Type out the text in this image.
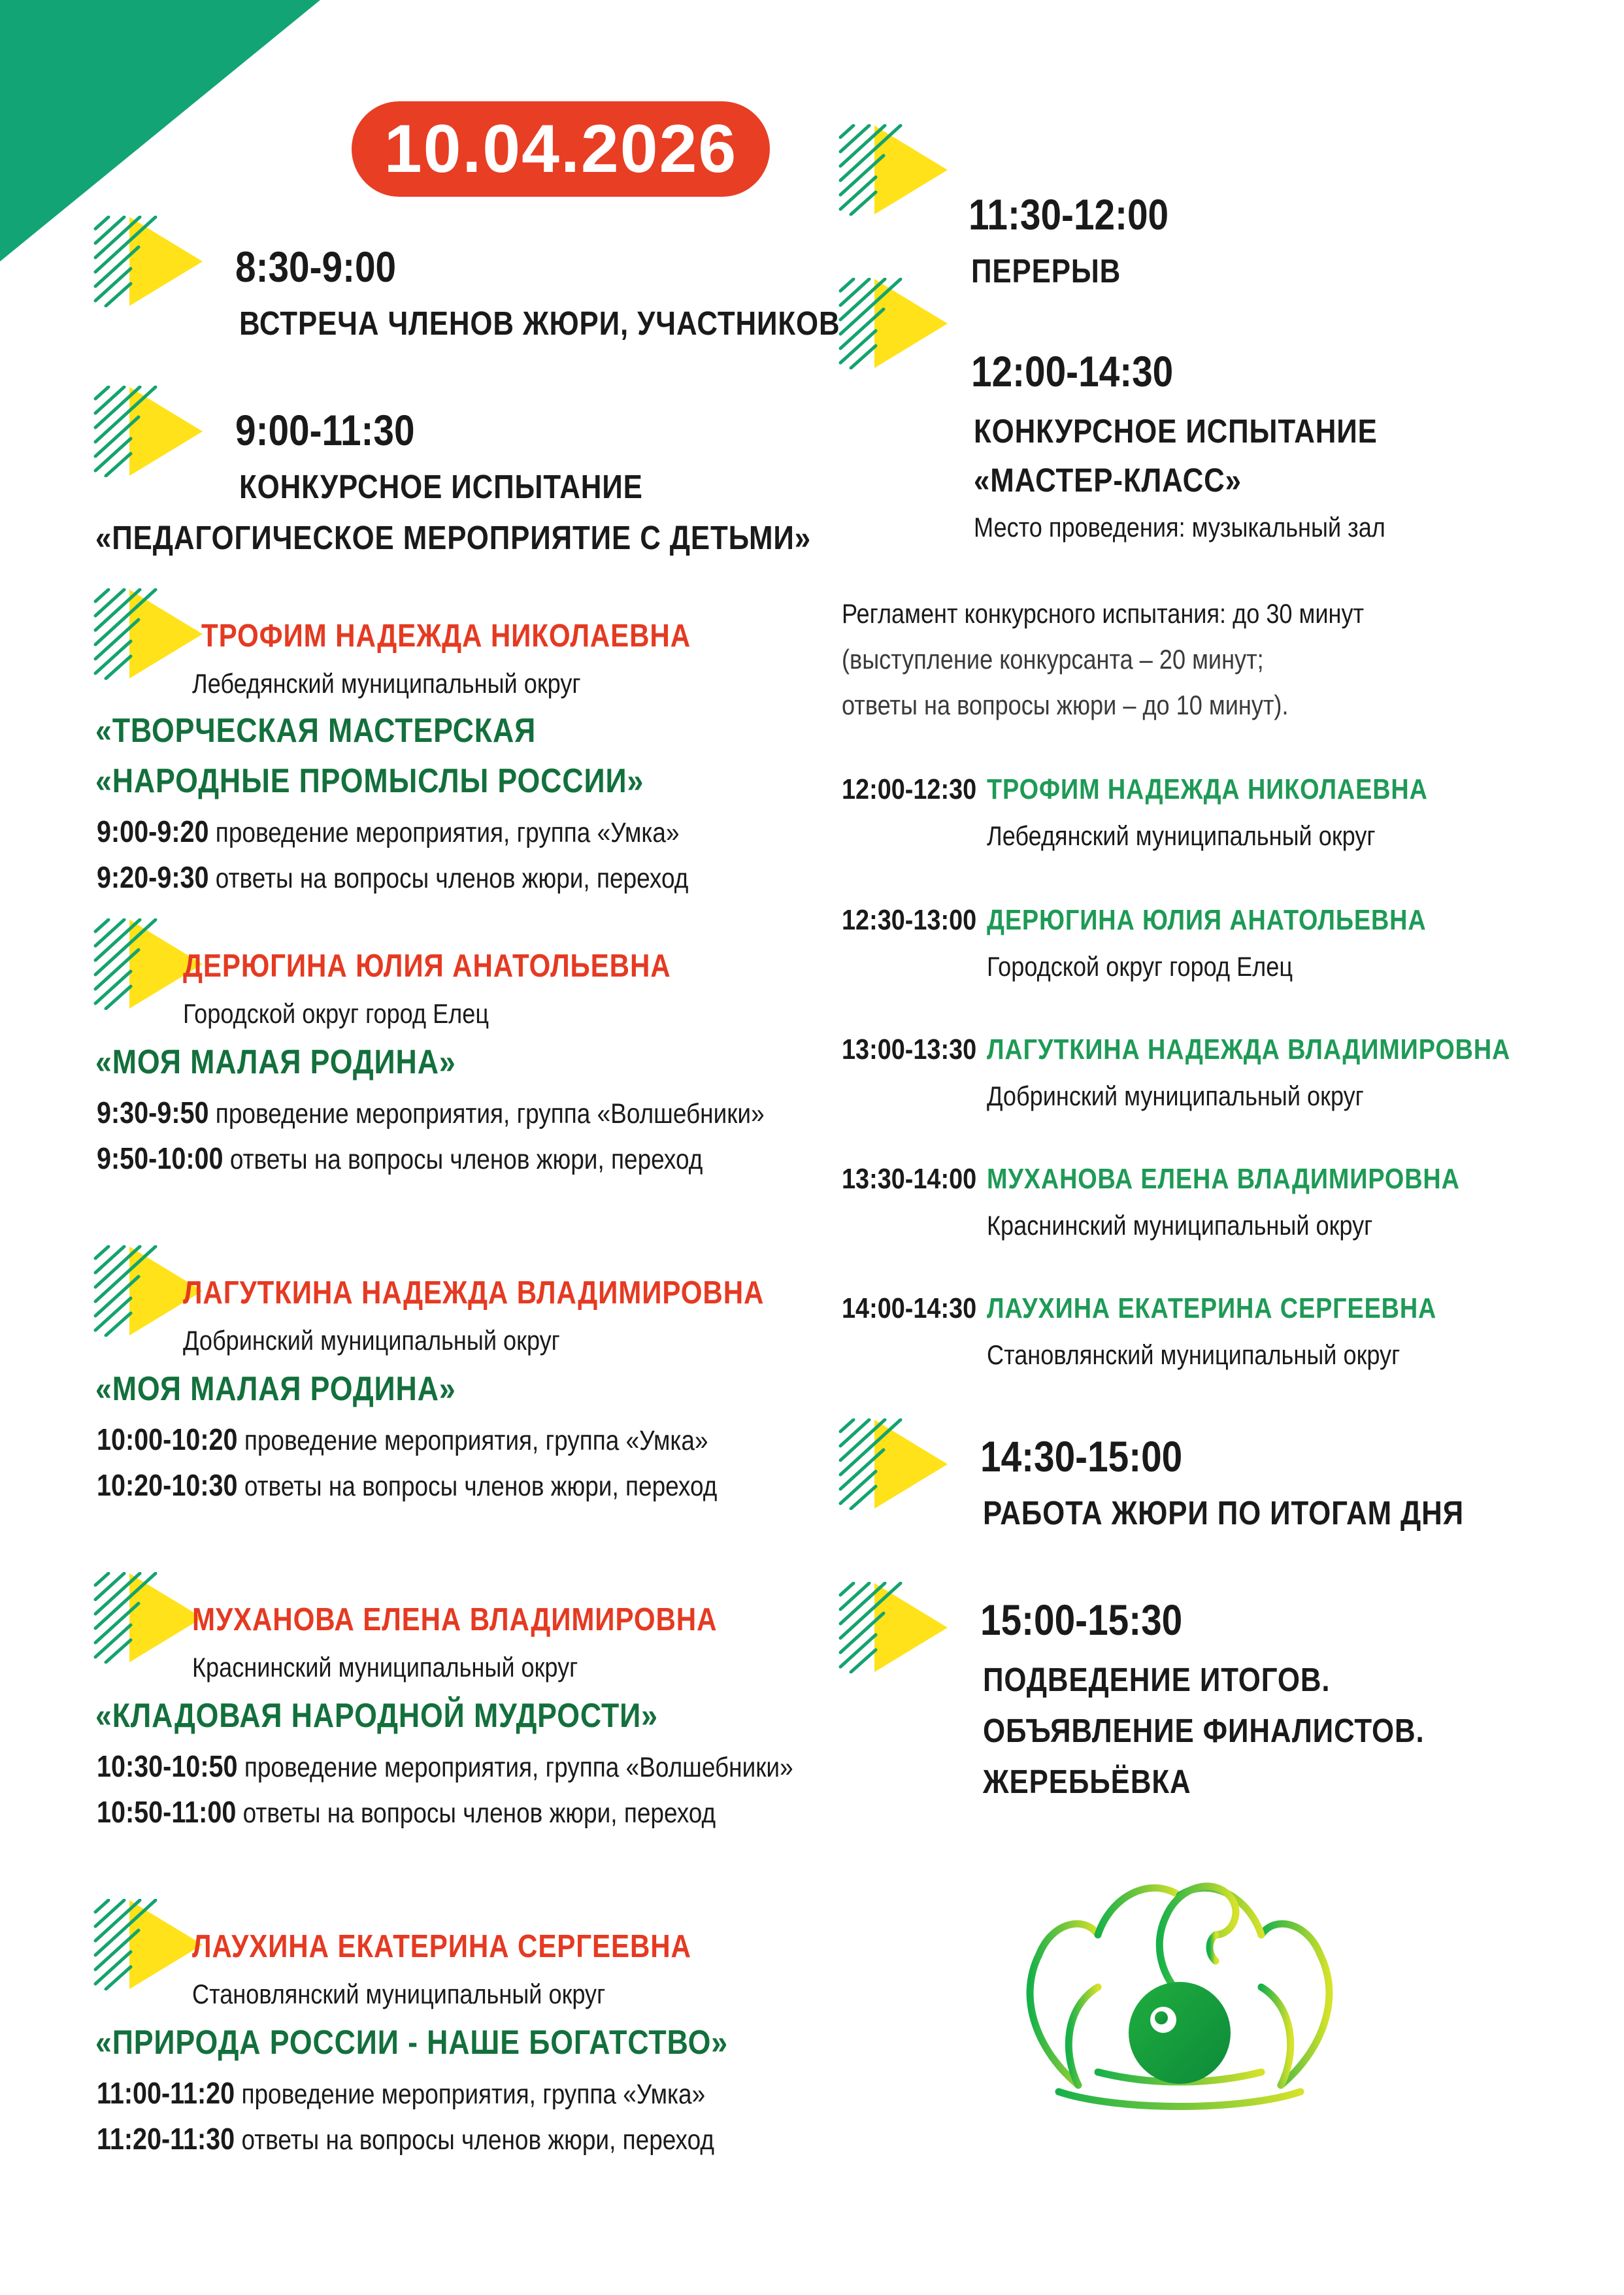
10.04.2026
8:30-9:00
ВСТРЕЧА ЧЛЕНОВ ЖЮРИ, УЧАСТНИКОВ
9:00-11:30
КОНКУРСНОЕ ИСПЫТАНИЕ
«ПЕДАГОГИЧЕСКОЕ МЕРОПРИЯТИЕ С ДЕТЬМИ»
ТРОФИМ НАДЕЖДА НИКОЛАЕВНА
Лебедянский муниципальный округ
«ТВОРЧЕСКАЯ МАСТЕРСКАЯ
«НАРОДНЫЕ ПРОМЫСЛЫ РОССИИ»
9:00-9:20 проведение мероприятия, группа «Умка»
9:20-9:30 ответы на вопросы членов жюри, переход
ДЕРЮГИНА ЮЛИЯ АНАТОЛЬЕВНА
Городской округ город Елец
«МОЯ МАЛАЯ РОДИНА»
9:30-9:50 проведение мероприятия, группа «Волшебники»
9:50-10:00 ответы на вопросы членов жюри, переход
ЛАГУТКИНА НАДЕЖДА ВЛАДИМИРОВНА
Добринский муниципальный округ
«МОЯ МАЛАЯ РОДИНА»
10:00-10:20 проведение мероприятия, группа «Умка»
10:20-10:30 ответы на вопросы членов жюри, переход
МУХАНОВА ЕЛЕНА ВЛАДИМИРОВНА
Краснинский муниципальный округ
«КЛАДОВАЯ НАРОДНОЙ МУДРОСТИ»
10:30-10:50 проведение мероприятия, группа «Волшебники»
10:50-11:00 ответы на вопросы членов жюри, переход
ЛАУХИНА ЕКАТЕРИНА СЕРГЕЕВНА
Становлянский муниципальный округ
«ПРИРОДА РОССИИ - НАШЕ БОГАТСТВО»
11:00-11:20 проведение мероприятия, группа «Умка»
11:20-11:30 ответы на вопросы членов жюри, переход
11:30-12:00
ПЕРЕРЫВ
12:00-14:30
КОНКУРСНОЕ ИСПЫТАНИЕ
«МАСТЕР-КЛАСС»
Место проведения: музыкальный зал
Регламент конкурсного испытания: до 30 минут
(выступление конкурсанта – 20 минут;
ответы на вопросы жюри – до 10 минут).
12:00-12:30 ТРОФИМ НАДЕЖДА НИКОЛАЕВНА
Лебедянский муниципальный округ
12:30-13:00 ДЕРЮГИНА ЮЛИЯ АНАТОЛЬЕВНА
Городской округ город Елец
13:00-13:30 ЛАГУТКИНА НАДЕЖДА ВЛАДИМИРОВНА
Добринский муниципальный округ
13:30-14:00 МУХАНОВА ЕЛЕНА ВЛАДИМИРОВНА
Краснинский муниципальный округ
14:00-14:30 ЛАУХИНА ЕКАТЕРИНА СЕРГЕЕВНА
Становлянский муниципальный округ
14:30-15:00
РАБОТА ЖЮРИ ПО ИТОГАМ ДНЯ
15:00-15:30
ПОДВЕДЕНИЕ ИТОГОВ.
ОБЪЯВЛЕНИЕ ФИНАЛИСТОВ.
ЖЕРЕБЬЁВКА
